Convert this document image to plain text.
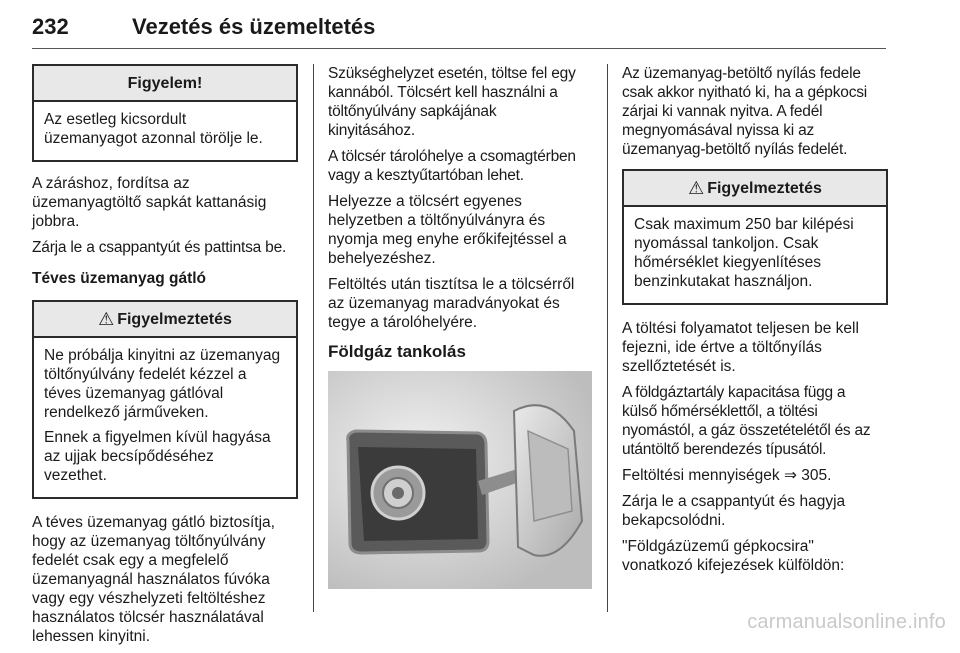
232	Vezetés és üzemeltetés
Figyelem!

Az esetleg kicsordult
üzemanyagot azonnal törölje le.

A záráshoz, fordítsa az
üzemanyagtöltő sapkát kattanásig
jobbra.

Zárja le a csappantyút és pattintsa be.

Téves üzemanyag gátló

⚠ Figyelmeztetés

Ne próbálja kinyitni az üzemanyag
töltőnyúlvány fedelét kézzel a
téves üzemanyag gátlóval
rendelkező járműveken.

Ennek a figyelmen kívül hagyása
az ujjak becsípődéséhez
vezethet.

A téves üzemanyag gátló biztosítja,
hogy az üzemanyag töltőnyúlvány
fedelét csak egy a megfelelő
üzemanyagnál használatos fúvóka
vagy egy vészhelyzeti feltöltéshez
használatos tölcsér használatával
lehessen kinyitni.

Szükséghelyzet esetén, töltse fel egy
kannából. Tölcsért kell használni a
töltőnyúlvány sapkájának
kinyitásához.

A tölcsér tárolóhelye a csomagtérben
vagy a kesztyűtartóban lehet.

Helyezze a tölcsért egyenes
helyzetben a töltőnyúlványra és
nyomja meg enyhe erőkifejtéssel a
behelyezéshez.

Feltöltés után tisztítsa le a tölcsérről
az üzemanyag maradványokat és
tegye a tárolóhelyére.

Földgáz tankolás

Az üzemanyag-betöltő nyílás fedele
csak akkor nyitható ki, ha a gépkocsi
zárjai ki vannak nyitva. A fedél
megnyomásával nyissa ki az
üzemanyag-betöltő nyílás fedelét.

⚠ Figyelmeztetés

Csak maximum 250 bar kilépési
nyomással tankoljon. Csak
hőmérséklet kiegyenlítéses
benzinkutakat használjon.

A töltési folyamatot teljesen be kell
fejezni, ide értve a töltőnyílás
szellőztetését is.

A földgáztartály kapacitása függ a
külső hőmérséklettől, a töltési
nyomástól, a gáz összetételétől és az
utántöltő berendezés típusától.

Feltöltési mennyiségek ⇒ 305.

Zárja le a csappantyút és hagyja
bekapcsolódni.

"Földgázüzemű gépkocsira"
vonatkozó kifejezések külföldön:

carmanualsonline.info
